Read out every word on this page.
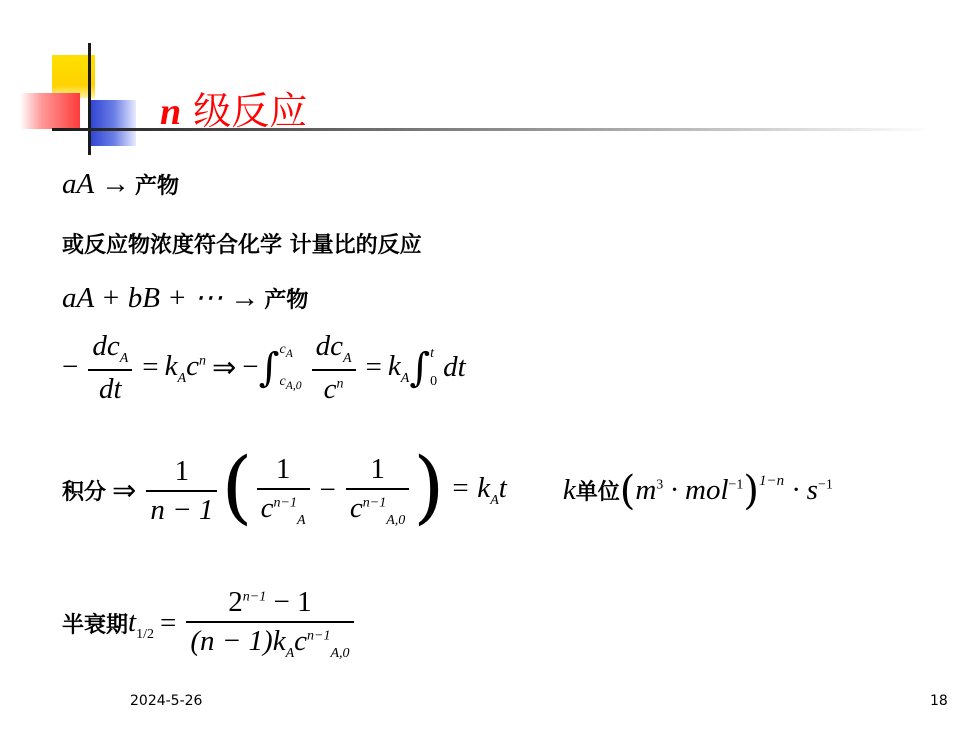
n 级反应
aA → 产物
或反应物浓度符合化学 计量比的反应
aA + bB + ⋯ → 产物
− $\frac{dc_A}{dt} = k_Ac^n$ ⇒ − ∫ $c_A$
$c_{A,0} \frac{dc_A}{c^n} = k_A$ ∫ t
0 dt
积分 ⇒ $\frac{1}{n - 1}$ ( $\frac{1}{c^{n-1}_A} - \frac{1}{c^{n-1}_{A,0}}$ ) = $k_At$ k 单位 ( $m^3 \cdot mol^{-1}$ ) $1-n \cdot s^{-1}$
半衰期 $t_{1/2} = \frac{2^{n-1} - 1}{(n - 1)k_Ac^{n-1}_{A,0}}$
2024-5-26	18
